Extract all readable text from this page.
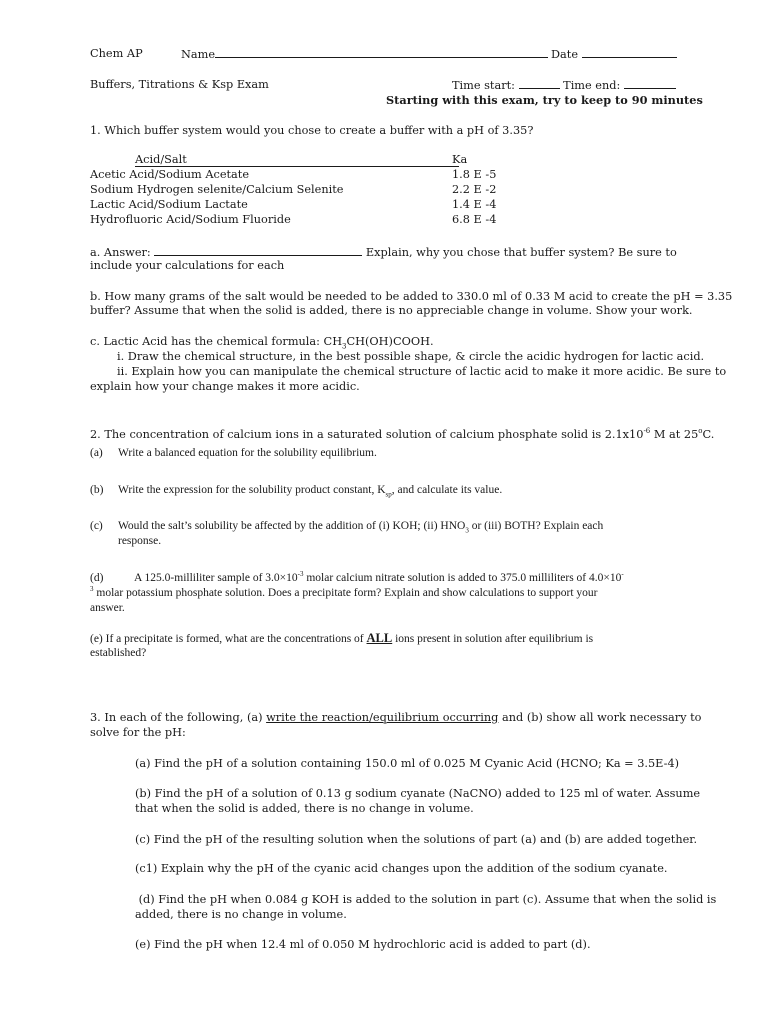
Chem AP	Name	Date
Buffers, Titrations & Ksp Exam	Time start:	Time end:
Starting with this exam, try to keep to 90 minutes
1. Which buffer system would you chose to create a buffer with a pH of 3.35?
Acid/Salt	Ka
Acetic Acid/Sodium Acetate	1.8 E -5
Sodium Hydrogen selenite/Calcium Selenite	2.2 E -2
Lactic Acid/Sodium Lactate	1.4 E -4
Hydrofluoric Acid/Sodium Fluoride	6.8 E -4
a. Answer:	Explain, why you chose that buffer system? Be sure to
include your calculations for each
b. How many grams of the salt would be needed to be added to 330.0 ml of 0.33 M acid to create the pH = 3.35
buffer? Assume that when the solid is added, there is no appreciable change in volume. Show your work.
c. Lactic Acid has the chemical formula: $CH_3CH(OH)COOH$.
i. Draw the chemical structure, in the best possible shape, & circle the acidic hydrogen for lactic acid.
ii. Explain how you can manipulate the chemical structure of lactic acid to make it more acidic. Be sure to
explain how your change makes it more acidic.
2. The concentration of calcium ions in a saturated solution of calcium phosphate solid is $2.1x10^{-6}$ M at 25$^o$C.
(a) Write a balanced equation for the solubility equilibrium.
(b) Write the expression for the solubility product constant, $K_{sp}$, and calculate its value.
(c) Would the salt’s solubility be affected by the addition of (i) KOH; (ii) $HNO_3$ or (iii) BOTH? Explain each
response.
(d)	A 125.0-milliliter sample of $3.0\times 10^{-3}$ molar calcium nitrate solution is added to 375.0 milliliters of 4.0×10-
$^3$ molar potassium phosphate solution. Does a precipitate form? Explain and show calculations to support your
answer.
(e) If a precipitate is formed, what are the concentrations of ALL ions present in solution after equilibrium is
established?
3. In each of the following, (a) write the reaction/equilibrium occurring and (b) show all work necessary to
solve for the pH:
(a) Find the pH of a solution containing 150.0 ml of 0.025 M Cyanic Acid (HCNO; Ka = 3.5E-4)
(b) Find the pH of a solution of 0.13 g sodium cyanate (NaCNO) added to 125 ml of water. Assume
that when the solid is added, there is no change in volume.
(c) Find the pH of the resulting solution when the solutions of part (a) and (b) are added together.
(c1) Explain why the pH of the cyanic acid changes upon the addition of the sodium cyanate.
(d) Find the pH when 0.084 g KOH is added to the solution in part (c). Assume that when the solid is
added, there is no change in volume.
(e) Find the pH when 12.4 ml of 0.050 M hydrochloric acid is added to part (d).
